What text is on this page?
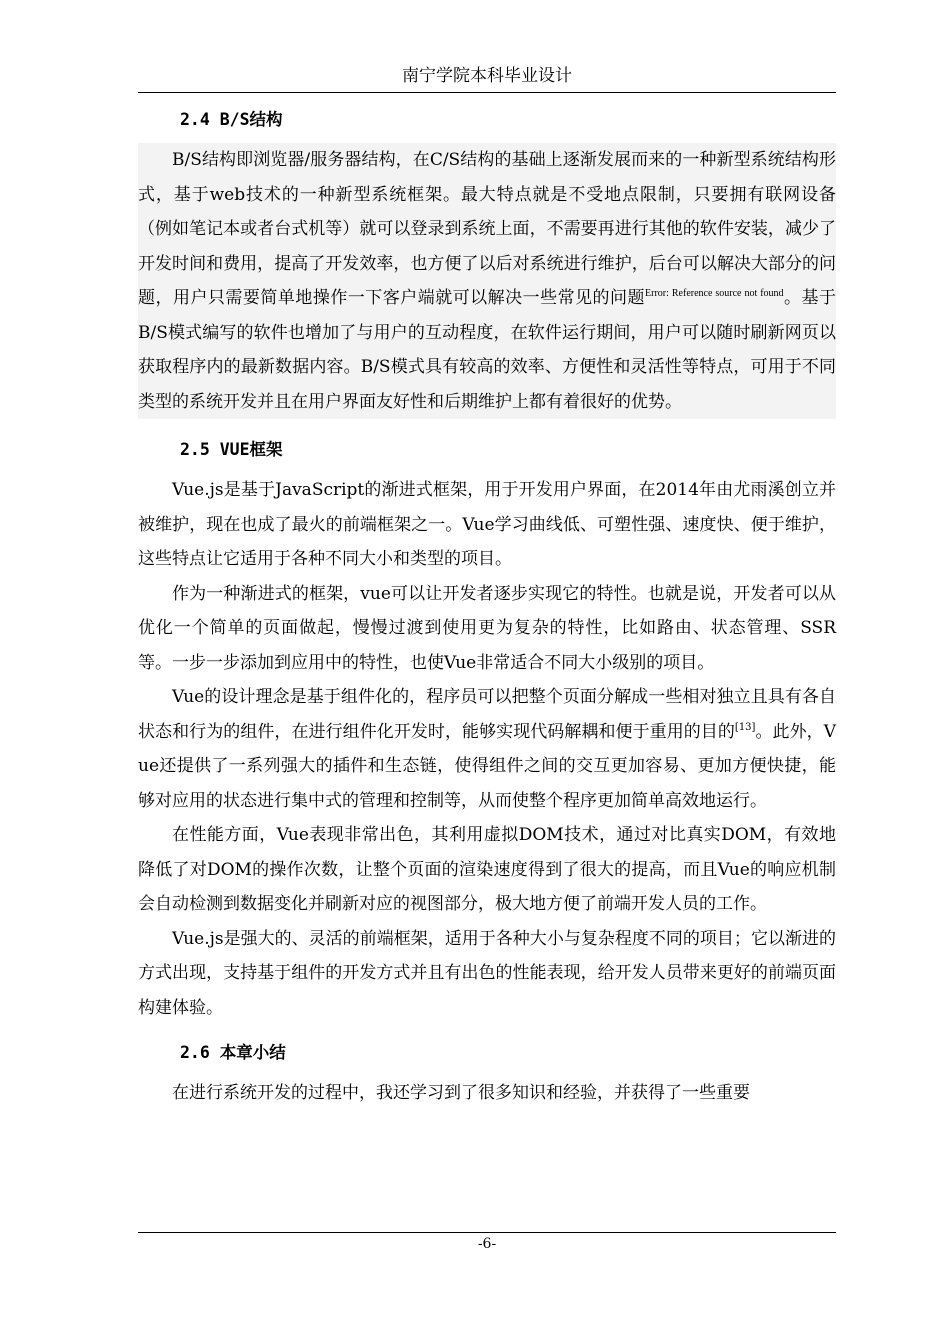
南宁学院本科毕业设计
2.4 B/S结构

B/S结构即浏览器/服务器结构，在C/S结构的基础上逐渐发展而来的一种新型系统结构形式，基于web技术的一种新型系统框架。最大特点就是不受地点限制，只要拥有联网设备（例如笔记本或者台式机等）就可以登录到系统上面，不需要再进行其他的软件安装，减少了开发时间和费用，提高了开发效率，也方便了以后对系统进行维护，后台可以解决大部分的问题，用户只需要简单地操作一下客户端就可以解决一些常见的问题$^{Error: Reference source not found}$。基于B/S模式编写的软件也增加了与用户的互动程度，在软件运行期间，用户可以随时刷新网页以获取程序内的最新数据内容。B/S模式具有较高的效率、方便性和灵活性等特点，可用于不同类型的系统开发并且在用户界面友好性和后期维护上都有着很好的优势。

2.5 VUE框架

Vue.js是基于JavaScript的渐进式框架，用于开发用户界面，在2014年由尤雨溪创立并被维护，现在也成了最火的前端框架之一。Vue学习曲线低、可塑性强、速度快、便于维护，这些特点让它适用于各种不同大小和类型的项目。

作为一种渐进式的框架，vue可以让开发者逐步实现它的特性。也就是说，开发者可以从优化一个简单的页面做起，慢慢过渡到使用更为复杂的特性，比如路由、状态管理、SSR等。一步一步添加到应用中的特性，也使Vue非常适合不同大小级别的项目。

Vue的设计理念是基于组件化的，程序员可以把整个页面分解成一些相对独立且具有各自状态和行为的组件，在进行组件化开发时，能够实现代码解耦和便于重用的目的[13]。此外，Vue还提供了一系列强大的插件和生态链，使得组件之间的交互更加容易、更加方便快捷，能够对应用的状态进行集中式的管理和控制等，从而使整个程序更加简单高效地运行。

在性能方面，Vue表现非常出色，其利用虚拟DOM技术，通过对比真实DOM，有效地降低了对DOM的操作次数，让整个页面的渲染速度得到了很大的提高，而且Vue的响应机制会自动检测到数据变化并刷新对应的视图部分，极大地方便了前端开发人员的工作。

Vue.js是强大的、灵活的前端框架，适用于各种大小与复杂程度不同的项目；它以渐进的方式出现，支持基于组件的开发方式并且有出色的性能表现，给开发人员带来更好的前端页面构建体验。

2.6 本章小结

在进行系统开发的过程中，我还学习到了很多知识和经验，并获得了一些重要

-6-
